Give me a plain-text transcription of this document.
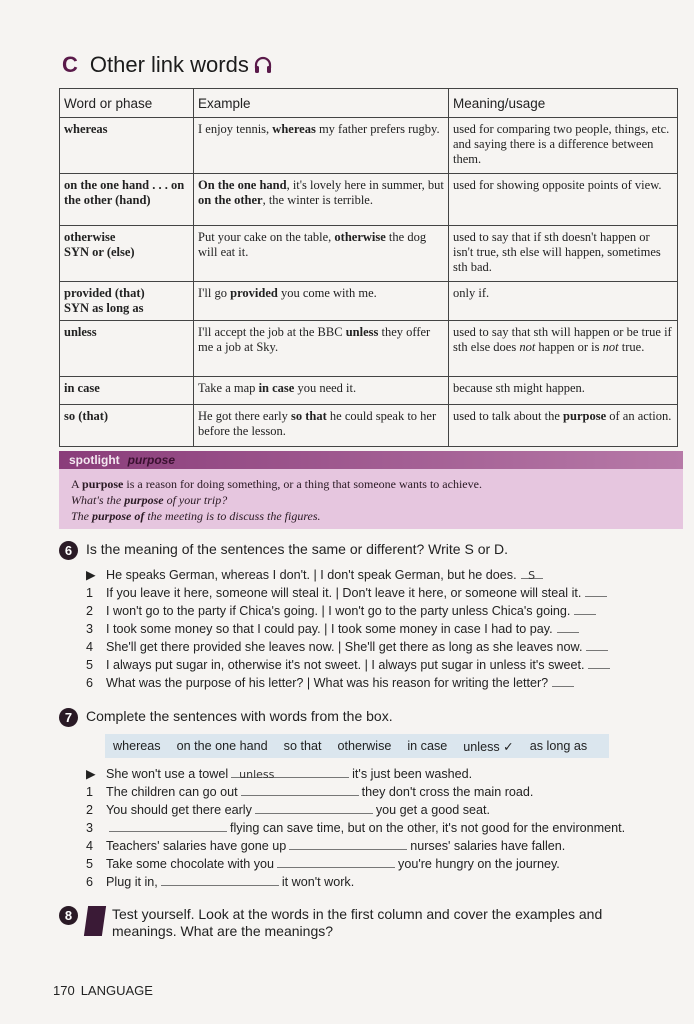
C Other link words
Word or phase	Example	Meaning/usage

whereas	I enjoy tennis, whereas my father prefers rugby.	used for comparing two people, things, etc. and saying there is a difference between them.

on the one hand . . . on the other (hand)	On the one hand, it's lovely here in summer, but on the other, the winter is terrible.	used for showing opposite points of view.

otherwise
SYN or (else)	Put your cake on the table, otherwise the dog will eat it.	used to say that if sth doesn't happen or isn't true, sth else will happen, sometimes sth bad.

provided (that)
SYN as long as	I'll go provided you come with me.	only if.

unless	I'll accept the job at the BBC unless they offer me a job at Sky.	used to say that sth will happen or be true if sth else does not happen or is not true.

in case	Take a map in case you need it.	because sth might happen.

so (that)	He got there early so that he could speak to her before the lesson.	used to talk about the purpose of an action.
spotlight purpose
A purpose is a reason for doing something, or a thing that someone wants to achieve.
What's the purpose of your trip?
The purpose of the meeting is to discuss the figures.
6 Is the meaning of the sentences the same or different? Write S or D.
▶ He speaks German, whereas I don't. | I don't speak German, but he does.	S
1	If you leave it here, someone will steal it. | Don't leave it here, or someone will steal it.
2	I won't go to the party if Chica's going. | I won't go to the party unless Chica's going.
3	I took some money so that I could pay. | I took some money in case I had to pay.
4	She'll get there provided she leaves now. | She'll get there as long as she leaves now.
5	I always put sugar in, otherwise it's not sweet. | I always put sugar in unless it's sweet.
6	What was the purpose of his letter? | What was his reason for writing the letter?
7 Complete the sentences with words from the box.
whereas on the one hand so that otherwise in case unless ✓ as long as
▶ She won't use a towel	unless	it's just been washed.
1	The children can go out	they don't cross the main road.
2	You should get there early	you get a good seat.
3	flying can save time, but on the other, it's not good for the environment.
4	Teachers' salaries have gone up	nurses' salaries have fallen.
5	Take some chocolate with you	you're hungry on the journey.
6	Plug it in,	it won't work.
8	Test yourself. Look at the words in the first column and cover the examples and meanings. What are the meanings?
170 LANGUAGE
